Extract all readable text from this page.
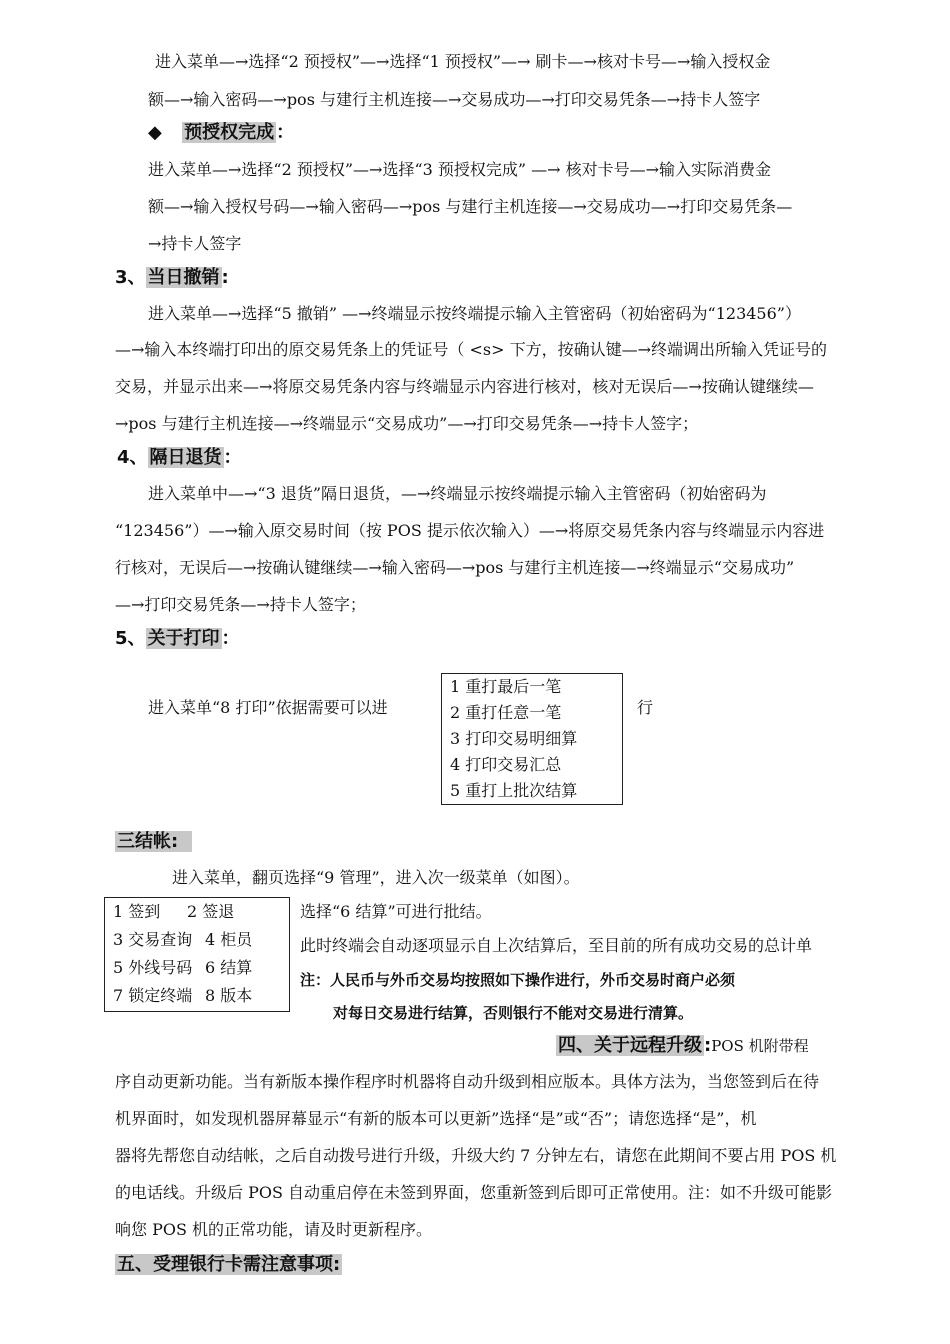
进入菜单—→选择“2 预授权”—→选择“1 预授权”—→ 刷卡—→核对卡号—→输入授权金
额—→输入密码—→pos 与建行主机连接—→交易成功—→打印交易凭条—→持卡人签字
◆ 预授权完成 ：
进入菜单—→选择“2 预授权”—→选择“3 预授权完成” —→ 核对卡号—→输入实际消费金
额—→输入授权号码—→输入密码—→pos 与建行主机连接—→交易成功—→打印交易凭条—
→持卡人签字
3、 当日撤销 :
进入菜单—→选择“5 撤销” —→终端显示按终端提示输入主管密码（初始密码为“123456”）
—→输入本终端打印出的原交易凭条上的凭证号（ <s> 下方，按确认键—→终端调出所输入凭证号的
交易，并显示出来—→将原交易凭条内容与终端显示内容进行核对，核对无误后—→按确认键继续—
→pos 与建行主机连接—→终端显示“交易成功”—→打印交易凭条—→持卡人签字；
4、 隔日退货 ：
进入菜单中—→“3 退货”隔日退货，—→终端显示按终端提示输入主管密码（初始密码为
“123456”）—→输入原交易时间（按 POS 提示依次输入）—→将原交易凭条内容与终端显示内容进
行核对，无误后—→按确认键继续—→输入密码—→pos 与建行主机连接—→终端显示“交易成功”
—→打印交易凭条—→持卡人签字；
5、 关于打印 ：
进入菜单“8 打印”依据需要可以进
1 重打最后一笔
2 重打任意一笔
3 打印交易明细算
4 打印交易汇总
5 重打上批次结算
行
三结帐:
进入菜单，翻页选择“9 管理”，进入次一级菜单（如图）。
1 签到 2 签退
3 交易查询 4 柜员
5 外线号码 6 结算
7 锁定终端 8 版本
选择“6 结算”可进行批结。
此时终端会自动逐项显示自上次结算后，至目前的所有成功交易的总计单
注：人民币与外币交易均按照如下操作进行，外币交易时商户必须
对每日交易进行结算，否则银行不能对交易进行清算。
四、关于远程升级 :POS 机附带程
序自动更新功能。当有新版本操作程序时机器将自动升级到相应版本。具体方法为，当您签到后在待
机界面时，如发现机器屏幕显示“有新的版本可以更新”选择“是”或“否”；请您选择“是”，机
器将先帮您自动结帐，之后自动拨号进行升级，升级大约 7 分钟左右，请您在此期间不要占用 POS 机
的电话线。升级后 POS 自动重启停在未签到界面，您重新签到后即可正常使用。注：如不升级可能影
响您 POS 机的正常功能，请及时更新程序。
五、受理银行卡需注意事项:
